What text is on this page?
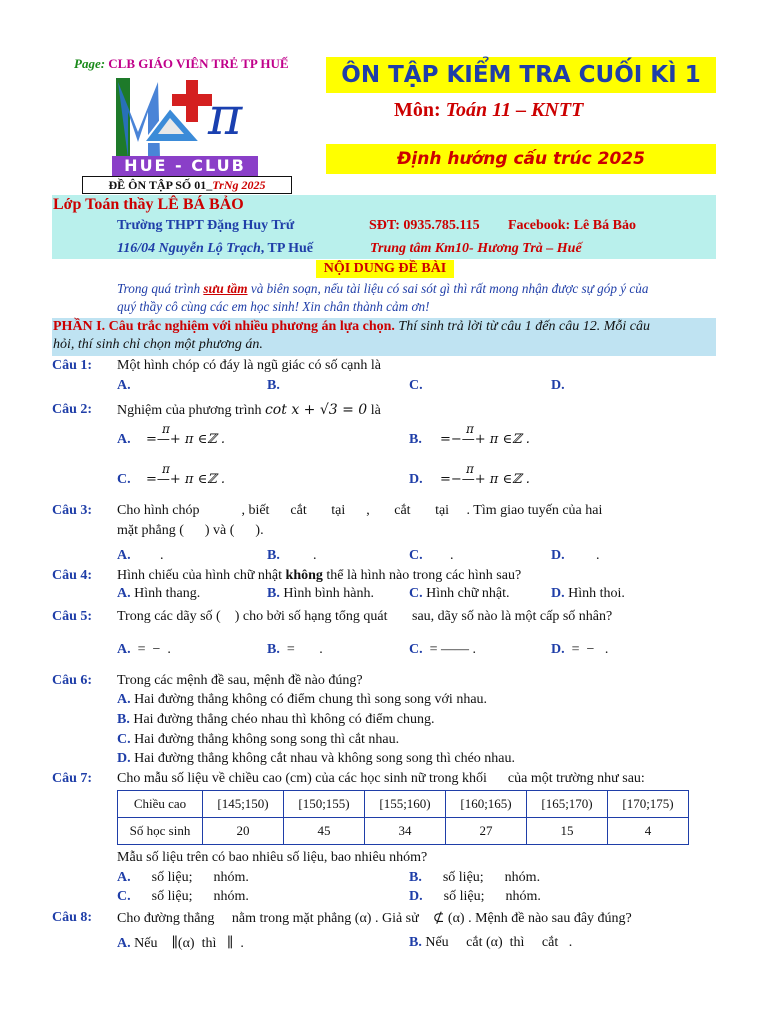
Page: CLB GIÁO VIÊN TRẺ TP HUẾ
π
HUE - CLUB
ĐỀ ÔN TẬP SỐ 01_TrNg 2025
ÔN TẬP KIỂM TRA CUỐI KÌ 1
Môn: Toán 11 – KNTT
Định hướng cấu trúc 2025
Lớp Toán thầy LÊ BÁ BẢO
Trường THPT Đặng Huy Trứ	SĐT: 0935.785.115 Facebook: Lê Bá Bảo
116/04 Nguyễn Lộ Trạch, TP Huế	Trung tâm Km10- Hương Trà – Huế
NỘI DUNG ĐỀ BÀI
Trong quá trình sưu tầm và biên soạn, nếu tài liệu có sai sót gì thì rất mong nhận được sự góp ý của
quý thầy cô cùng các em học sinh! Xin chân thành cảm ơn!
PHẦN I. Câu trắc nghiệm với nhiều phương án lựa chọn. Thí sinh trả lời từ câu 1 đến câu 12. Mỗi câu
hỏi, thí sinh chỉ chọn một phương án.
Câu 1: Một hình chóp có đáy là ngũ giác có số cạnh là
A.	B.	C.	D.
Câu 2: Nghiệm của phương trình cot x + √3 = 0 là
A.
π
=—+ π ∈ℤ .	B.
π
=−—+ π ∈ℤ .
C.
π
=—+ π ∈ℤ .	D.
π
=−—+ π ∈ℤ .
Câu 3: Cho hình chóp            , biết      cắt       tại      ,       cắt       tại     . Tìm giao tuyến của hai
mặt phẳng (      ) và (      ).
A. .	B. .	C. .	D. .
Câu 4: Hình chiếu của hình chữ nhật không thể là hình nào trong các hình sau?
A. Hình thang.	B. Hình bình hành.	C. Hình chữ nhật.	D. Hình thoi.
Câu 5: Trong các dãy số (    ) cho bởi số hạng tổng quát       sau, dãy số nào là một cấp số nhân?
A. =  −  .	B. =       .	C. = —— .	D. =  −   .
Câu 6: Trong các mệnh đề sau, mệnh đề nào đúng?
A. Hai đường thẳng không có điểm chung thì song song với nhau.
B. Hai đường thẳng chéo nhau thì không có điểm chung.
C. Hai đường thẳng không song song thì cắt nhau.
D. Hai đường thẳng không cắt nhau và không song song thì chéo nhau.
Câu 7: Cho mẫu số liệu về chiều cao (cm) của các học sinh nữ trong khối      của một trường như sau:
Chiều cao	[145;150)	[150;155)	[155;160)	[160;165)	[165;170)	[170;175)
Số học sinh	20	45	34	27	15	4
Mẫu số liệu trên có bao nhiêu số liệu, bao nhiêu nhóm?
A. số liệu;      nhóm.	B. số liệu;      nhóm.
C. số liệu;      nhóm.	D. số liệu;      nhóm.
Câu 8: Cho đường thẳng     nằm trong mặt phẳng (α) . Giả sử    ⊄ (α) . Mệnh đề nào sau đây đúng?
A. Nếu    ∥(α)  thì   ∥  .	B. Nếu     cắt (α)  thì     cắt   .
